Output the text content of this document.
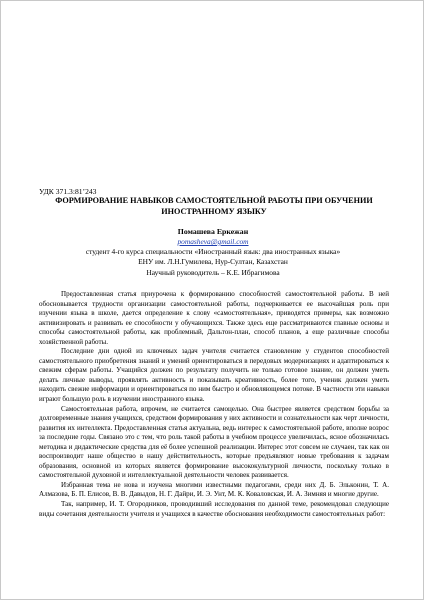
УДК 371.3:81’243
ФОРМИРОВАНИЕ НАВЫКОВ САМОСТОЯТЕЛЬНОЙ РАБОТЫ ПРИ ОБУЧЕНИИ ИНОСТРАННОМУ ЯЗЫКУ
Помашева Еркежан
pomasheva@gmail.com
студент 4-го курса специальности «Иностранный язык: два иностранных языка»
ЕНУ им. Л.Н.Гумилева, Нур-Султан, Казахстан
Научный руководитель – К.Е. Ибрагимова

Предоставленная статья приурочена к формированию способностей самостоятельной работы. В ней обосновывается трудности организации самостоятельной работы, подчеркивается ее высочайшая роль при изучении языка в школе, дается определение к слову «самостоятельная», приводятся примеры, как возможно активизировать и развивать ее способности у обучающихся. Также здесь еще рассматриваются главные основы и способы самостоятельной работы, как проблемный, Дальтон-план, способ планов, а еще различные способы хозяйственной работы.

Последние дни одной из ключевых задач учителя считается становление у студентов способностей самостоятельного приобретения знаний и умений ориентироваться в передовых модернизациях и адаптироваться к свежим сферам работы. Учащийся должен по результату получить не только готовое знание, он должен уметь делать личные выводы, проявлять активность и показывать креативность, более того, ученик должен уметь находить свежие информации и ориентироваться по ним быстро и обновляющемся потоке. В частности эти навыки играют большую роль в изучении иностранного языка.

Самостоятельная работа, впрочем, не считается самоцелью. Она быстрее является средством борьбы за долговременные знания учащихся, средством формирования у них активности и сознательности как черт личности, развития их интеллекта. Предоставленная статья актуальна, ведь интерес к самостоятельной работе, вполне возрос за последние годы. Связано это с тем, что роль такой работы в учебном процессе увеличилась, ясное обозначилась методика и дидактические средства для её более успешной реализации. Интерес этот совсем не случаен, так как он воспроизводит наше общество в нашу действительность, которые предъявляют новые требования к задачам образования, основной из которых является формирование высококультурной личности, поскольку только в самостоятельной духовной и интеллектуальной деятельности человек развивается.

Избранная тема не нова и изучена многими известными педагогами, среди них Д. Б. Эльконин, Т. А. Алмазова, Б. П. Елисов, В. В. Давыдов, Н. Г. Дайри, И. Э. Унт, М. К. Коваловская, И. А. Зимняя и многие другие.

Так, например, И. Т. Огородников, проводивший исследования по данной теме, рекомендовал следующие виды сочетания деятельности учителя и учащихся в качестве обоснования необходимости самостоятельных работ:
